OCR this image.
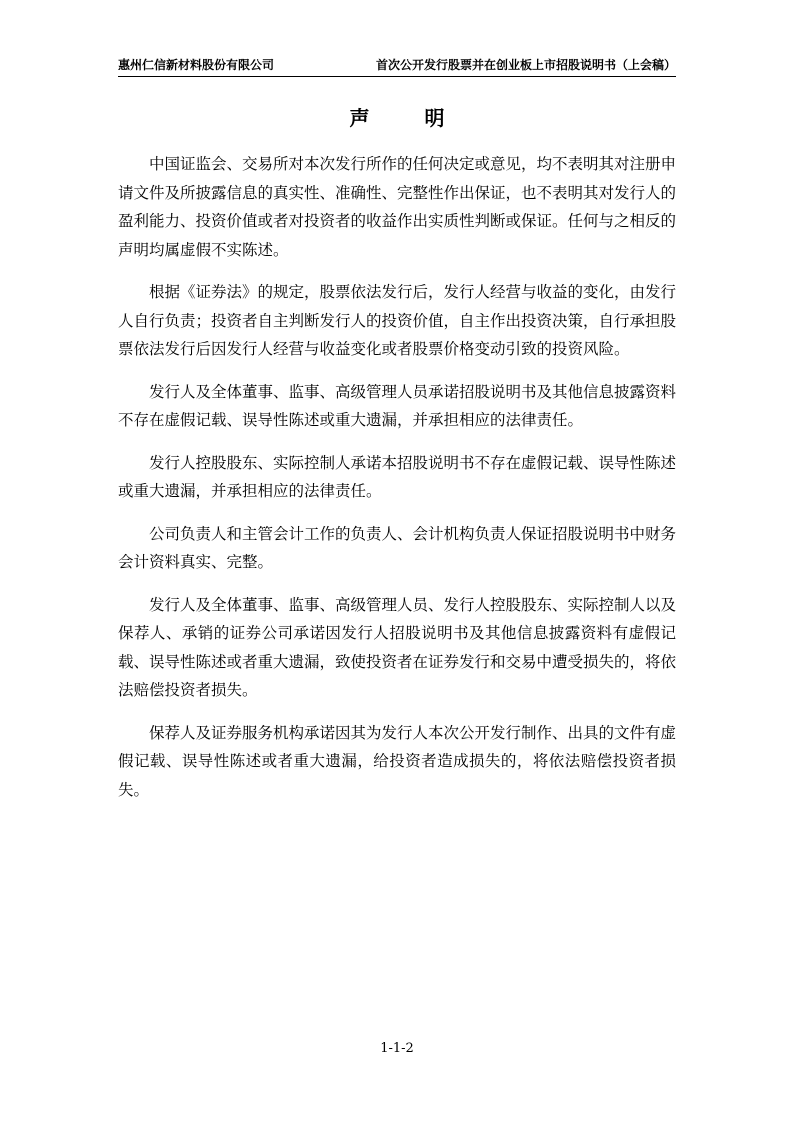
惠州仁信新材料股份有限公司	首次公开发行股票并在创业板上市招股说明书（上会稿）
声 明

中国证监会、交易所对本次发行所作的任何决定或意见，均不表明其对注册申请文件及所披露信息的真实性、准确性、完整性作出保证，也不表明其对发行人的盈利能力、投资价值或者对投资者的收益作出实质性判断或保证。任何与之相反的声明均属虚假不实陈述。

根据《证券法》的规定，股票依法发行后，发行人经营与收益的变化，由发行人自行负责；投资者自主判断发行人的投资价值，自主作出投资决策，自行承担股票依法发行后因发行人经营与收益变化或者股票价格变动引致的投资风险。

发行人及全体董事、监事、高级管理人员承诺招股说明书及其他信息披露资料不存在虚假记载、误导性陈述或重大遗漏，并承担相应的法律责任。

发行人控股股东、实际控制人承诺本招股说明书不存在虚假记载、误导性陈述或重大遗漏，并承担相应的法律责任。

公司负责人和主管会计工作的负责人、会计机构负责人保证招股说明书中财务会计资料真实、完整。

发行人及全体董事、监事、高级管理人员、发行人控股股东、实际控制人以及保荐人、承销的证券公司承诺因发行人招股说明书及其他信息披露资料有虚假记载、误导性陈述或者重大遗漏，致使投资者在证券发行和交易中遭受损失的，将依法赔偿投资者损失。

保荐人及证券服务机构承诺因其为发行人本次公开发行制作、出具的文件有虚假记载、误导性陈述或者重大遗漏，给投资者造成损失的，将依法赔偿投资者损失。

1-1-2
